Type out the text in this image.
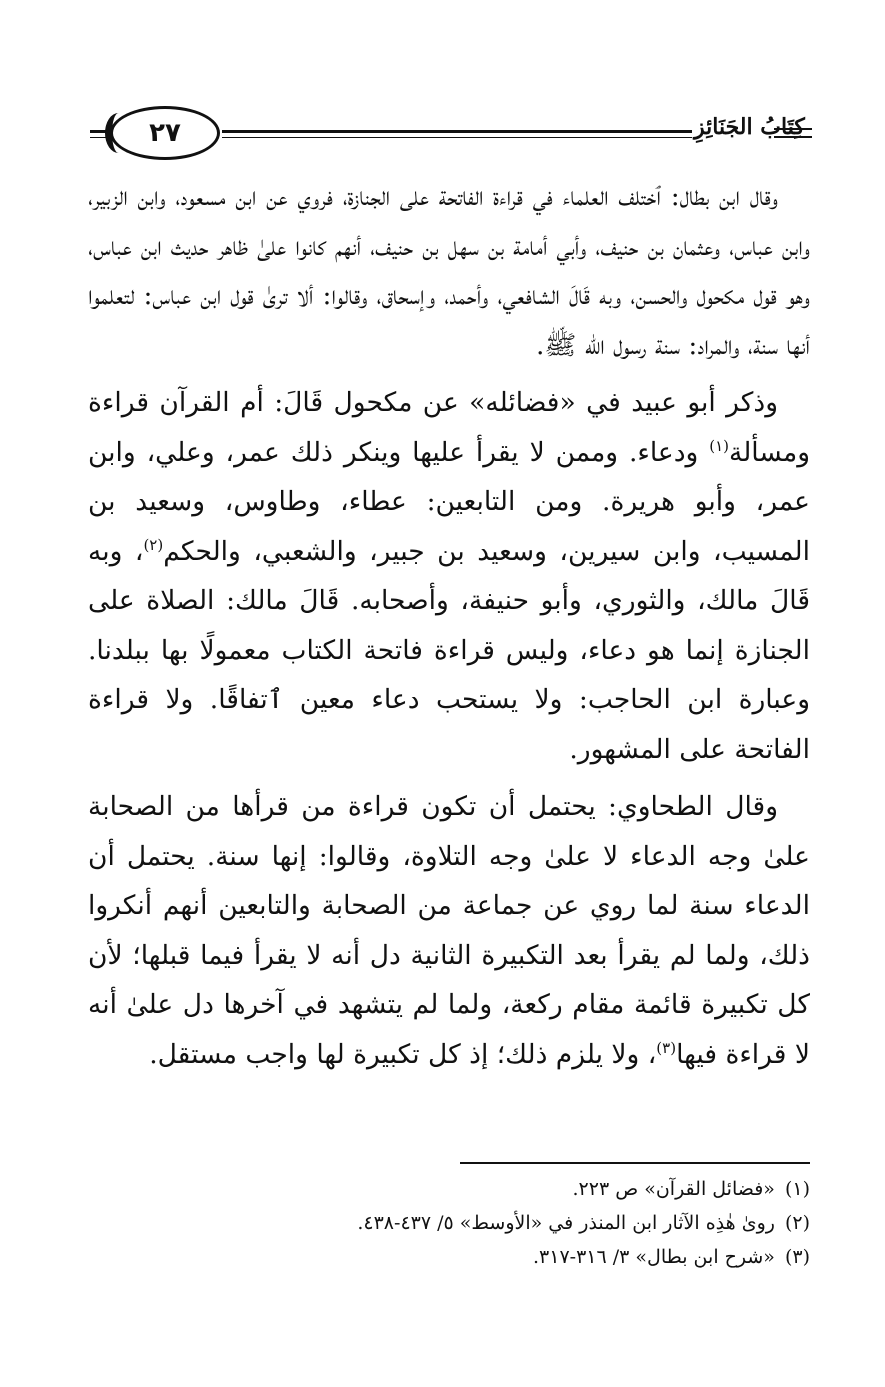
٢٧	كِتَابُ الجَنَائِزِ

وقال ابن بطال: ٱختلف العلماء في قراءة الفاتحة على الجنازة، فروي عن ابن مسعود، وابن الزبير، وابن عباس، وعثمان بن حنيف، وأبي أمامة بن سهل بن حنيف، أنهم كانوا علىٰ ظاهر حديث ابن عباس، وهو قول مكحول والحسن، وبه قَالَ الشافعي، وأحمد، وإسحاق، وقالوا: ألا ترىٰ قول ابن عباس: لتعلموا أنها سنة، والمراد: سنة رسول الله ﷺ.

وذكر أبو عبيد في «فضائله» عن مكحول قَالَ: أم القرآن قراءة ومسألة$^{(١)}$ ودعاء. وممن لا يقرأ عليها وينكر ذلك عمر، وعلي، وابن عمر، وأبو هريرة. ومن التابعين: عطاء، وطاوس، وسعيد بن المسيب، وابن سيرين، وسعيد بن جبير، والشعبي، والحكم$^{(٢)}$، وبه قَالَ مالك، والثوري، وأبو حنيفة، وأصحابه. قَالَ مالك: الصلاة على الجنازة إنما هو دعاء، وليس قراءة فاتحة الكتاب معمولًا بها ببلدنا. وعبارة ابن الحاجب: ولا يستحب دعاء معين ٱتفاقًا. ولا قراءة الفاتحة على المشهور.

وقال الطحاوي: يحتمل أن تكون قراءة من قرأها من الصحابة علىٰ وجه الدعاء لا علىٰ وجه التلاوة، وقالوا: إنها سنة. يحتمل أن الدعاء سنة لما روي عن جماعة من الصحابة والتابعين أنهم أنكروا ذلك، ولما لم يقرأ بعد التكبيرة الثانية دل أنه لا يقرأ فيما قبلها؛ لأن كل تكبيرة قائمة مقام ركعة، ولما لم يتشهد في آخرها دل علىٰ أنه لا قراءة فيها$^{(٣)}$، ولا يلزم ذلك؛ إذ كل تكبيرة لها واجب مستقل.

(١)«فضائل القرآن» ص ٢٢٣.

(٢)روىٰ هٰذِه الآثار ابن المنذر في «الأوسط» ٥/ ٤٣٧-٤٣٨.

(٣)«شرح ابن بطال» ٣/ ٣١٦-٣١٧.
